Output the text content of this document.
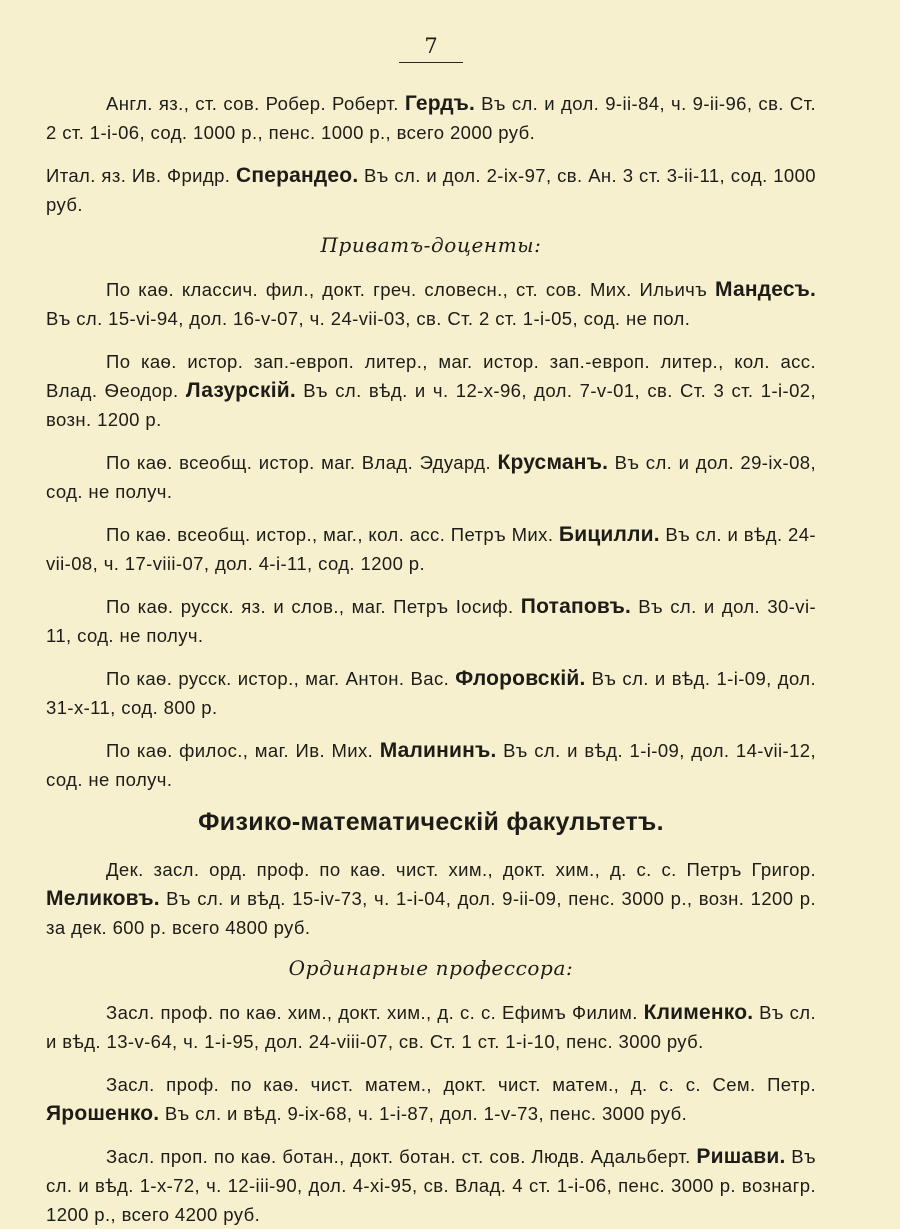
7

Англ. яз., ст. сов. Робер. Роберт. Гердъ. Въ сл. и дол. 9-ii-84, ч. 9-ii-96, св. Ст. 2 ст. 1-i-06, сод. 1000 р., пенс. 1000 р., всего 2000 руб.

Итал. яз. Ив. Фридр. Сперандео. Въ сл. и дол. 2-ix-97, св. Ан. 3 ст. 3-ii-11, сод. 1000 руб.

Приватъ-доценты:

По каѳ. классич. фил., докт. греч. словесн., ст. сов. Мих. Ильичъ Мандесъ. Въ сл. 15-vi-94, дол. 16-v-07, ч. 24-vii-03, св. Ст. 2 ст. 1-i-05, сод. не пол.

По каѳ. истор. зап.-европ. литер., маг. истор. зап.-европ. литер., кол. асс. Влад. Ѳеодор. Лазурскій. Въ сл. вѣд. и ч. 12-x-96, дол. 7-v-01, св. Ст. 3 ст. 1-i-02, возн. 1200 р.

По каѳ. всеобщ. истор. маг. Влад. Эдуард. Крусманъ. Въ сл. и дол. 29-ix-08, сод. не получ.

По каѳ. всеобщ. истор., маг., кол. асс. Петръ Мих. Бицилли. Въ сл. и вѣд. 24-vii-08, ч. 17-viii-07, дол. 4-i-11, сод. 1200 р.

По каѳ. русск. яз. и слов., маг. Петръ Іосиф. Потаповъ. Въ сл. и дол. 30-vi-11, сод. не получ.

По каѳ. русск. истор., маг. Антон. Вас. Флоровскій. Въ сл. и вѣд. 1-i-09, дол. 31-x-11, сод. 800 р.

По каѳ. филос., маг. Ив. Мих. Малининъ. Въ сл. и вѣд. 1-i-09, дол. 14-vii-12, сод. не получ.

Физико-математическій факультетъ.

Дек. засл. орд. проф. по каѳ. чист. хим., докт. хим., д. с. с. Петръ Григор. Меликовъ. Въ сл. и вѣд. 15-iv-73, ч. 1-i-04, дол. 9-ii-09, пенс. 3000 р., возн. 1200 р. за дек. 600 р. всего 4800 руб.

Ординарные профессора:

Засл. проф. по каѳ. хим., докт. хим., д. с. с. Ефимъ Филим. Клименко. Въ сл. и вѣд. 13-v-64, ч. 1-i-95, дол. 24-viii-07, св. Ст. 1 ст. 1-i-10, пенс. 3000 руб.

Засл. проф. по каѳ. чист. матем., докт. чист. матем., д. с. с. Сем. Петр. Ярошенко. Въ сл. и вѣд. 9-ix-68, ч. 1-i-87, дол. 1-v-73, пенс. 3000 руб.

Засл. проп. по каѳ. ботан., докт. ботан. ст. сов. Людв. Адальберт. Ришави. Въ сл. и вѣд. 1-x-72, ч. 12-iii-90, дол. 4-xi-95, св. Влад. 4 ст. 1-i-06, пенс. 3000 р. вознагр. 1200 р., всего 4200 руб.
